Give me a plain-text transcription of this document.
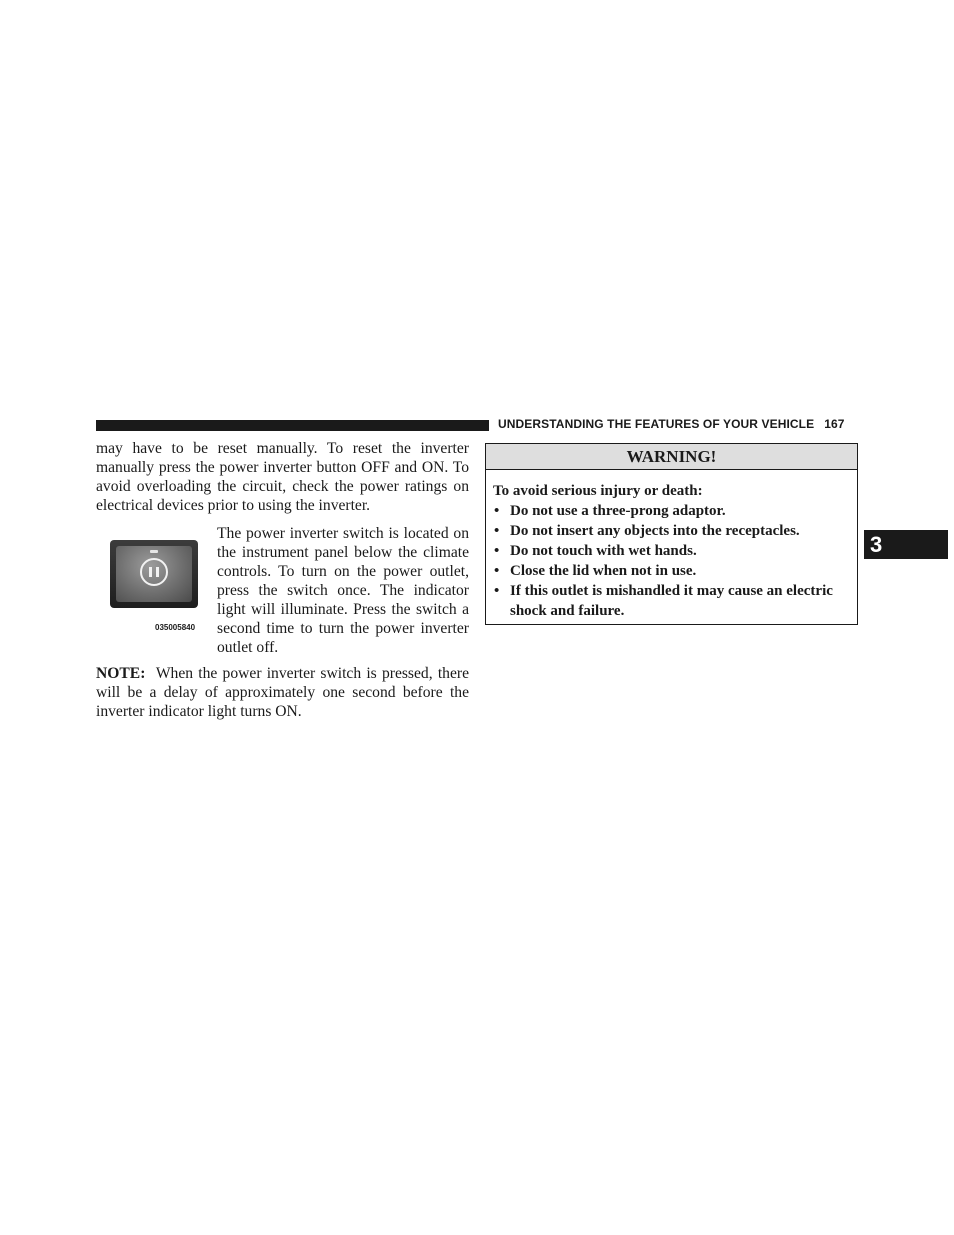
UNDERSTANDING THE FEATURES OF YOUR VEHICLE 167

may have to be reset manually. To reset the inverter manually press the power inverter button OFF and ON. To avoid overloading the circuit, check the power ratings on electrical devices prior to using the inverter.

035005840

The power inverter switch is located on the instrument panel below the climate controls. To turn on the power outlet, press the switch once. The indicator light will illuminate. Press the switch a second time to turn the power inverter outlet off.

NOTE: When the power inverter switch is pressed, there will be a delay of approximately one second before the inverter indicator light turns ON.

WARNING!
To avoid serious injury or death:
• Do not use a three-prong adaptor.
• Do not insert any objects into the receptacles.
• Do not touch with wet hands.
• Close the lid when not in use.
• If this outlet is mishandled it may cause an electric shock and failure.
3
